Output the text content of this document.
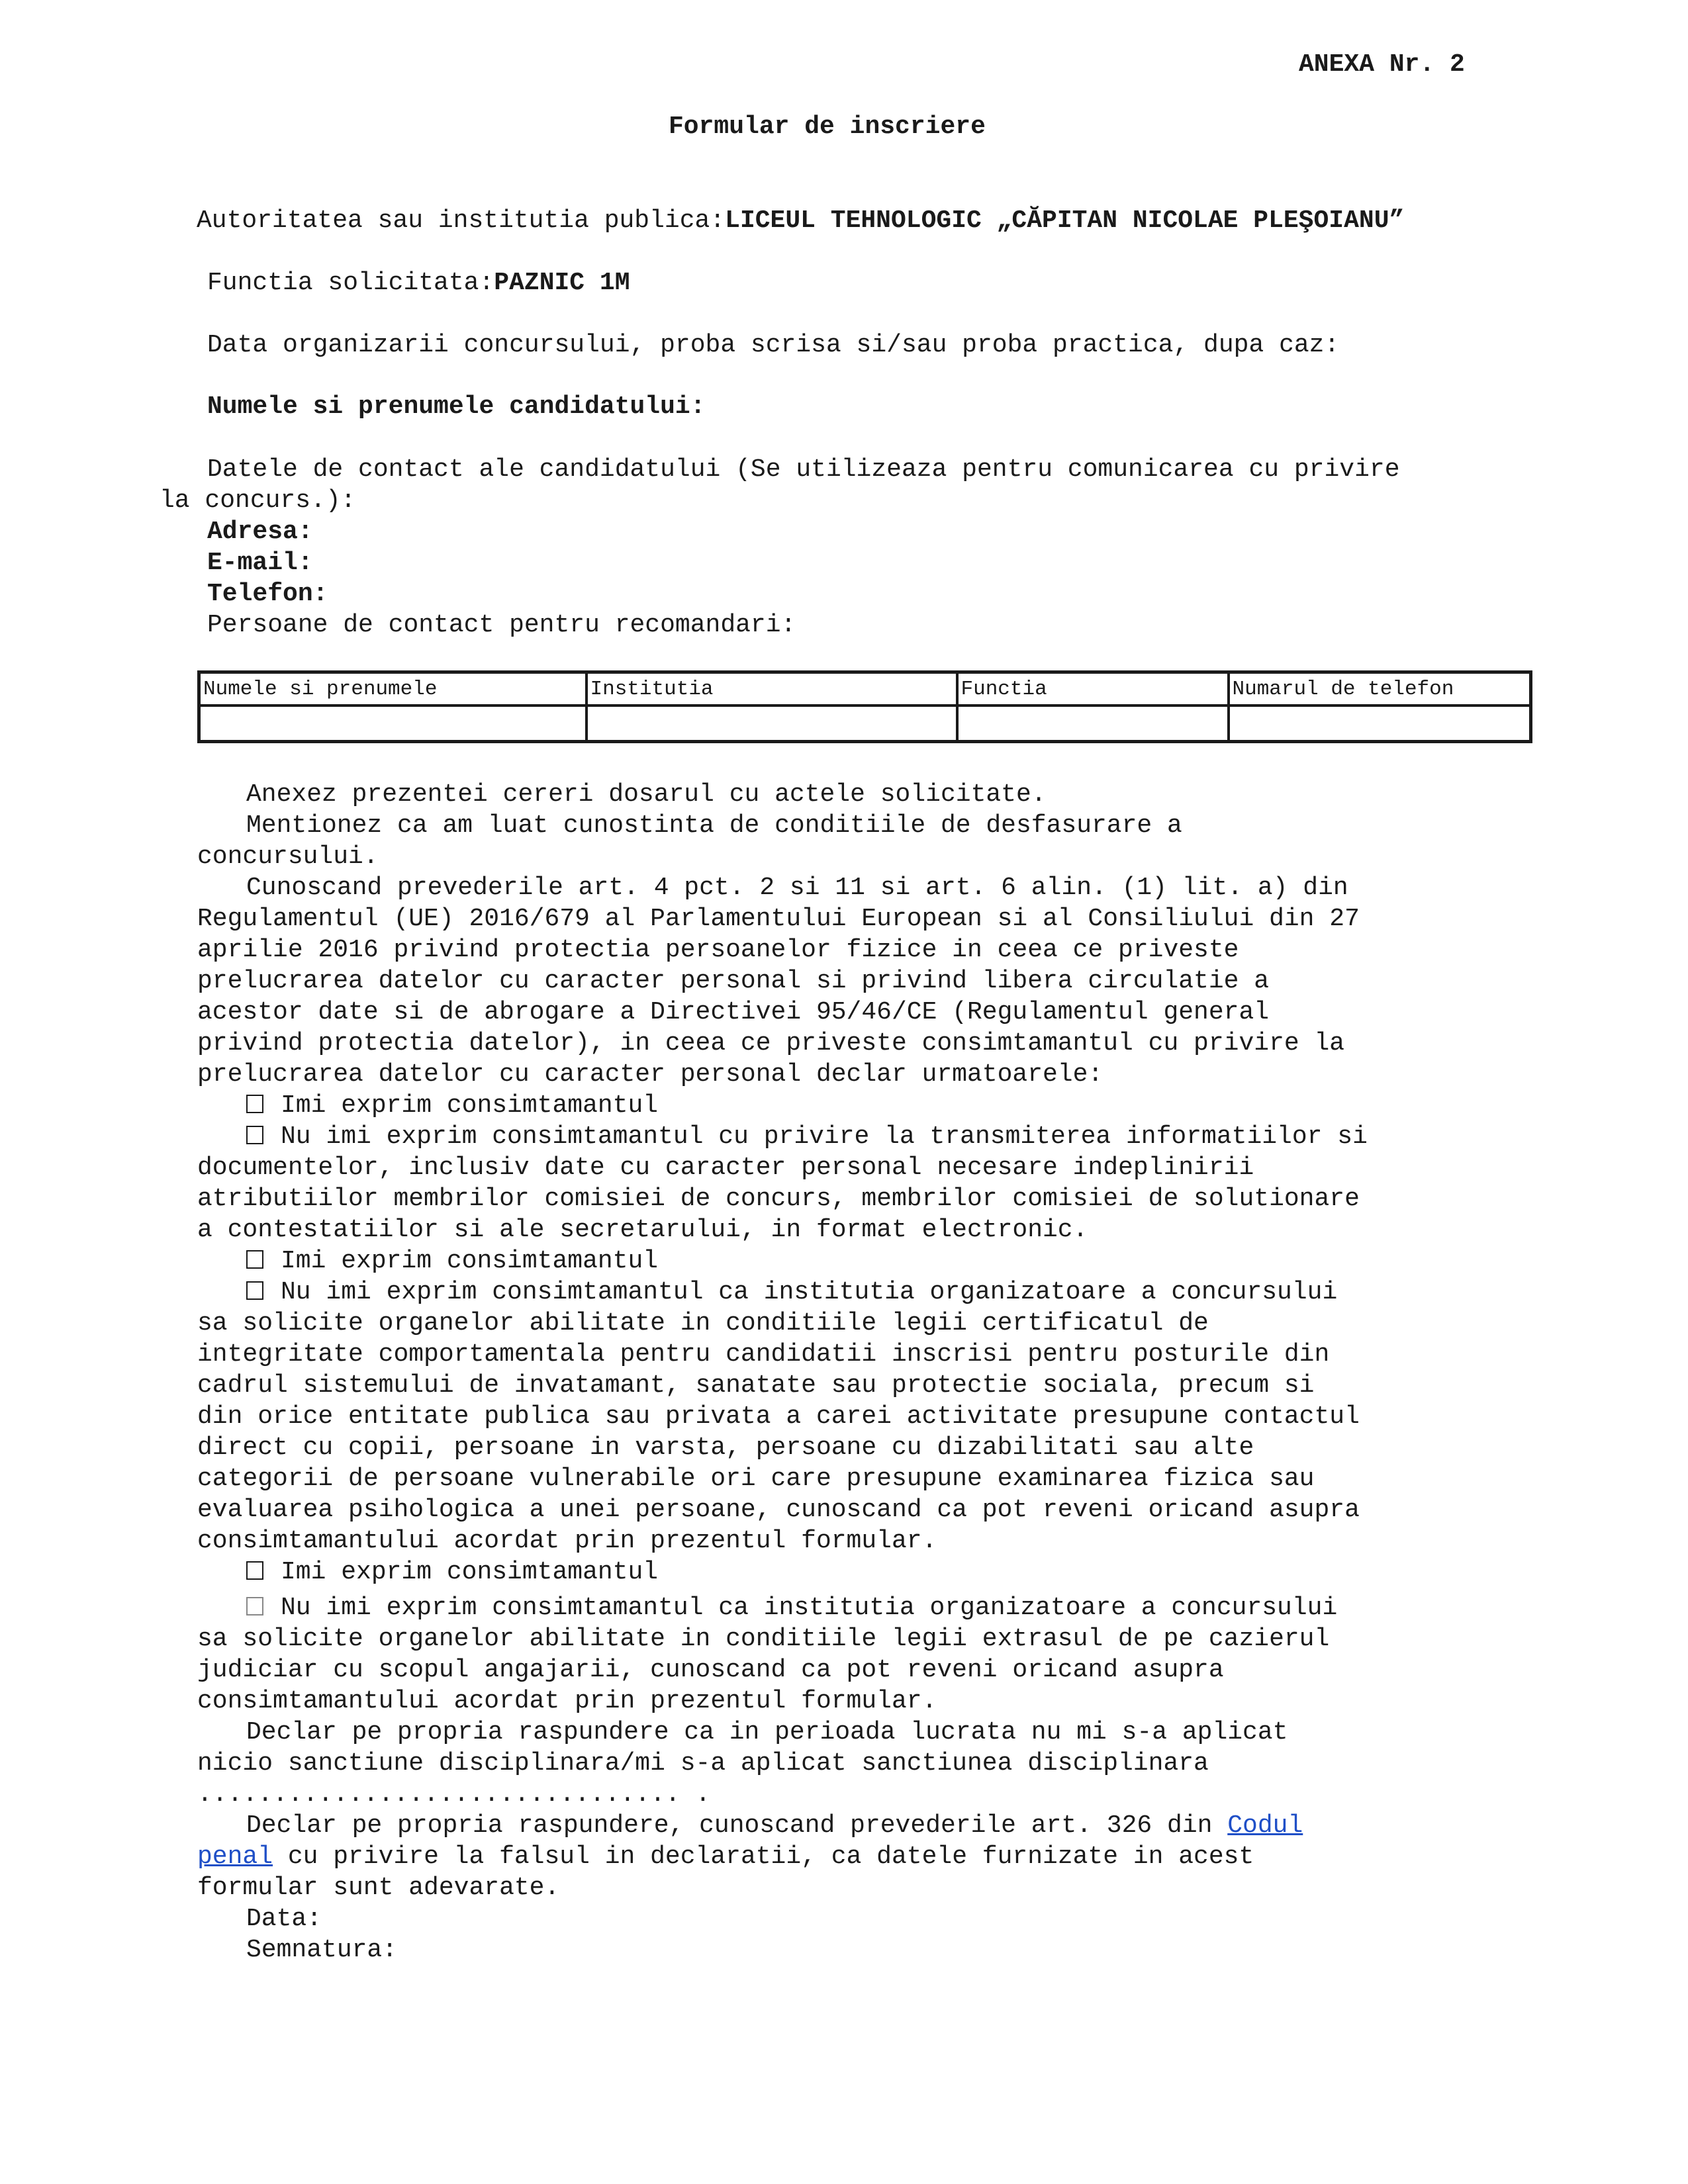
ANEXA Nr. 2
Formular de inscriere
Autoritatea sau institutia publica:LICEUL TEHNOLOGIC „CĂPITAN NICOLAE PLEŞOIANU”
Functia solicitata:PAZNIC 1M
Data organizarii concursului, proba scrisa si/sau proba practica, dupa caz:
Numele si prenumele candidatului:
Datele de contact ale candidatului (Se utilizeaza pentru comunicarea cu privire
la concurs.):
Adresa:
E-mail:
Telefon:
Persoane de contact pentru recomandari:
Numele si prenumele	Institutia	Functia	Numarul de telefon

Anexez prezentei cereri dosarul cu actele solicitate.
Mentionez ca am luat cunostinta de conditiile de desfasurare a
concursului.
Cunoscand prevederile art. 4 pct. 2 si 11 si art. 6 alin. (1) lit. a) din
Regulamentul (UE) 2016/679 al Parlamentului European si al Consiliului din 27
aprilie 2016 privind protectia persoanelor fizice in ceea ce priveste
prelucrarea datelor cu caracter personal si privind libera circulatie a
acestor date si de abrogare a Directivei 95/46/CE (Regulamentul general
privind protectia datelor), in ceea ce priveste consimtamantul cu privire la
prelucrarea datelor cu caracter personal declar urmatoarele:
Imi exprim consimtamantul
Nu imi exprim consimtamantul cu privire la transmiterea informatiilor si
documentelor, inclusiv date cu caracter personal necesare indeplinirii
atributiilor membrilor comisiei de concurs, membrilor comisiei de solutionare
a contestatiilor si ale secretarului, in format electronic.
Imi exprim consimtamantul
Nu imi exprim consimtamantul ca institutia organizatoare a concursului
sa solicite organelor abilitate in conditiile legii certificatul de
integritate comportamentala pentru candidatii inscrisi pentru posturile din
cadrul sistemului de invatamant, sanatate sau protectie sociala, precum si
din orice entitate publica sau privata a carei activitate presupune contactul
direct cu copii, persoane in varsta, persoane cu dizabilitati sau alte
categorii de persoane vulnerabile ori care presupune examinarea fizica sau
evaluarea psihologica a unei persoane, cunoscand ca pot reveni oricand asupra
consimtamantului acordat prin prezentul formular.
Imi exprim consimtamantul
Nu imi exprim consimtamantul ca institutia organizatoare a concursului
sa solicite organelor abilitate in conditiile legii extrasul de pe cazierul
judiciar cu scopul angajarii, cunoscand ca pot reveni oricand asupra
consimtamantului acordat prin prezentul formular.
Declar pe propria raspundere ca in perioada lucrata nu mi s-a aplicat
nicio sanctiune disciplinara/mi s-a aplicat sanctiunea disciplinara
................................ .
Declar pe propria raspundere, cunoscand prevederile art. 326 din Codul
penal cu privire la falsul in declaratii, ca datele furnizate in acest
formular sunt adevarate.
Data:
Semnatura:
